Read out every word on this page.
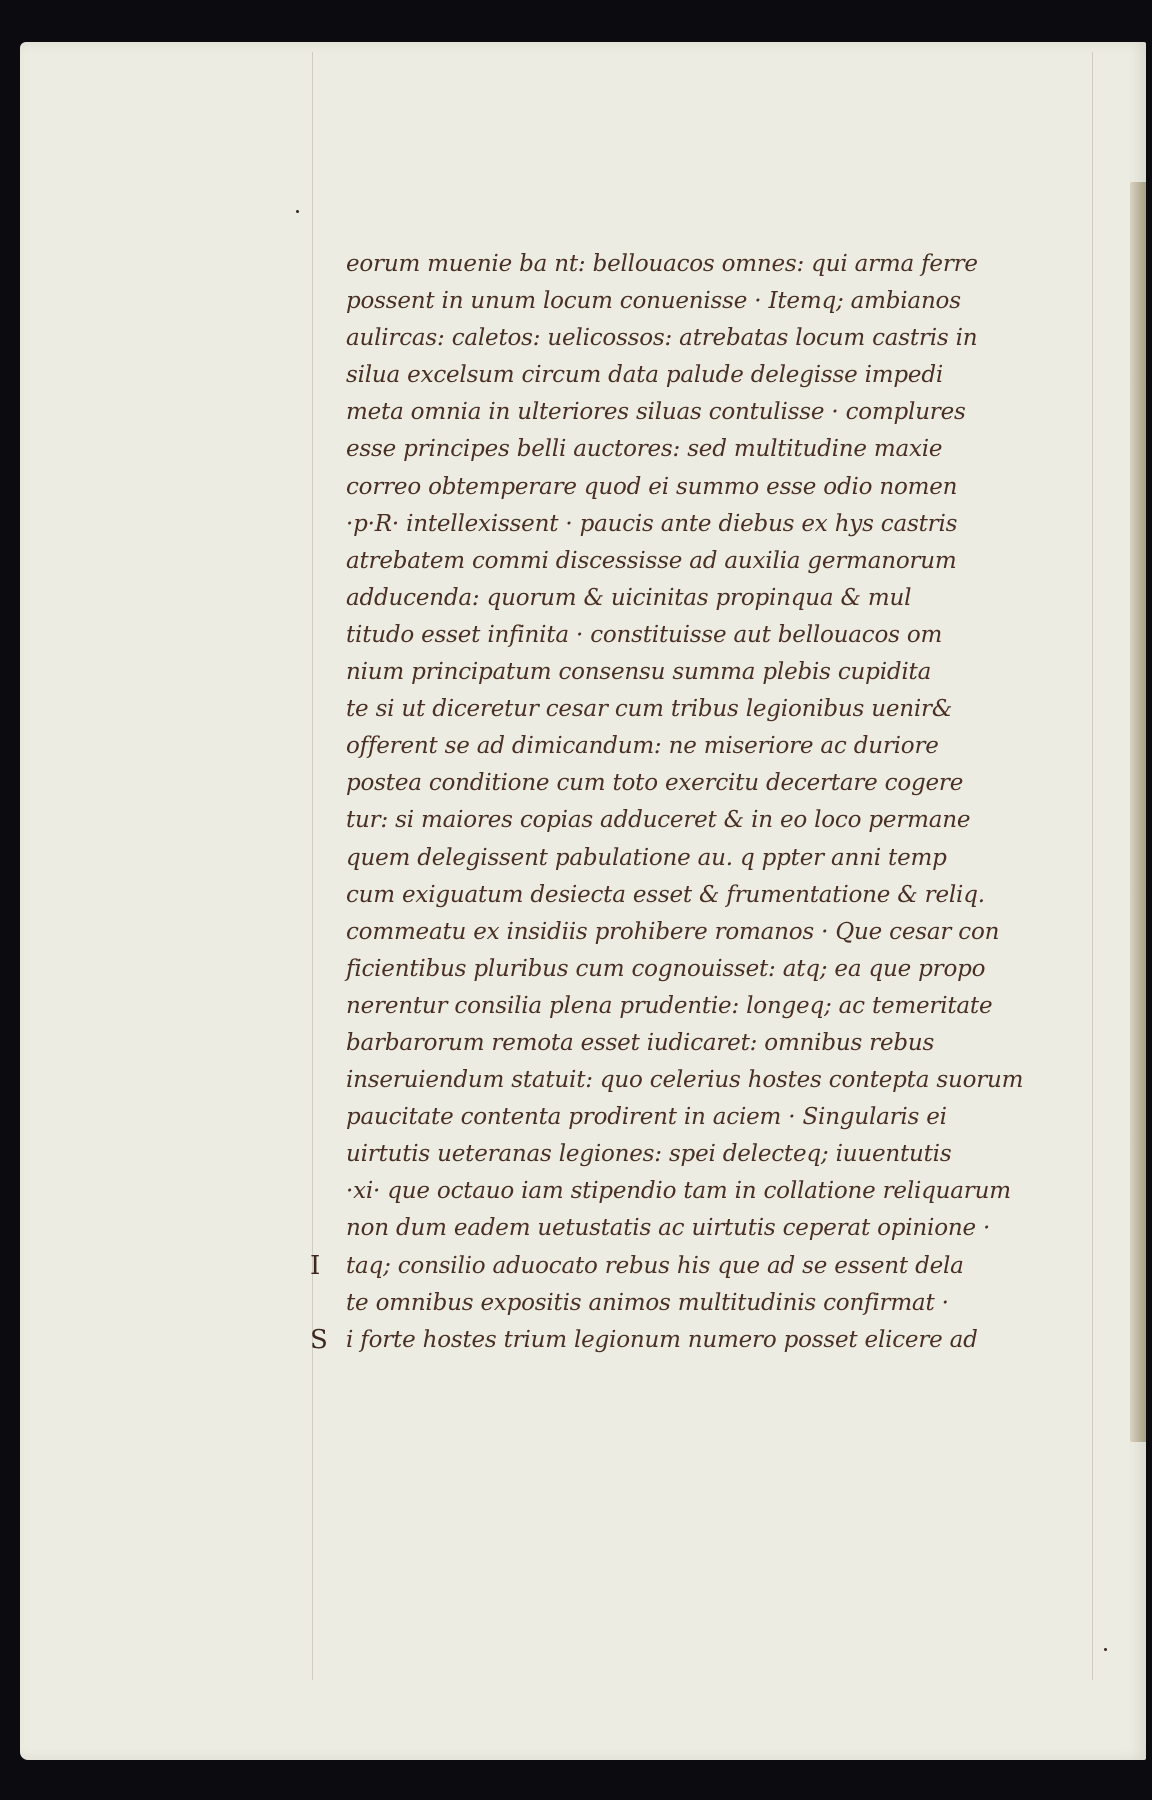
eorum muenie ba nt: bellouacos omnes: qui arma ferre
possent in unum locum conuenisse · Itemq; ambianos
aulircas: caletos: uelicossos: atrebatas locum castris in
silua excelsum circum data palude delegisse impedi
meta omnia in ulteriores siluas contulisse · complures
esse principes belli auctores: sed multitudine maxie
correo obtemperare quod ei summo esse odio nomen
·p·R· intellexissent · paucis ante diebus ex hys castris
atrebatem commi discessisse ad auxilia germanorum
adducenda: quorum & uicinitas propinqua & mul
titudo esset infinita · constituisse aut bellouacos om
nium principatum consensu summa plebis cupidita
te si ut diceretur cesar cum tribus legionibus uenir&
offerent se ad dimicandum: ne miseriore ac duriore
postea conditione cum toto exercitu decertare cogere
tur: si maiores copias adduceret & in eo loco permane
quem delegissent pabulatione au. q ppter anni temp
cum exiguatum desiecta esset & frumentatione & reliq.
commeatu ex insidiis prohibere romanos · Que cesar con
ficientibus pluribus cum cognouisset: atq; ea que propo
nerentur consilia plena prudentie: longeq; ac temeritate
barbarorum remota esset iudicaret: omnibus rebus
inseruiendum statuit: quo celerius hostes contepta suorum
paucitate contenta prodirent in aciem · Singularis ei
uirtutis ueteranas legiones: spei delecteq; iuuentutis
·xi· que octauo iam stipendio tam in collatione reliquarum
non dum eadem uetustatis ac uirtutis ceperat opinione ·
I taq; consilio aduocato rebus his que ad se essent dela
te omnibus expositis animos multitudinis confirmat ·
S i forte hostes trium legionum numero posset elicere ad
